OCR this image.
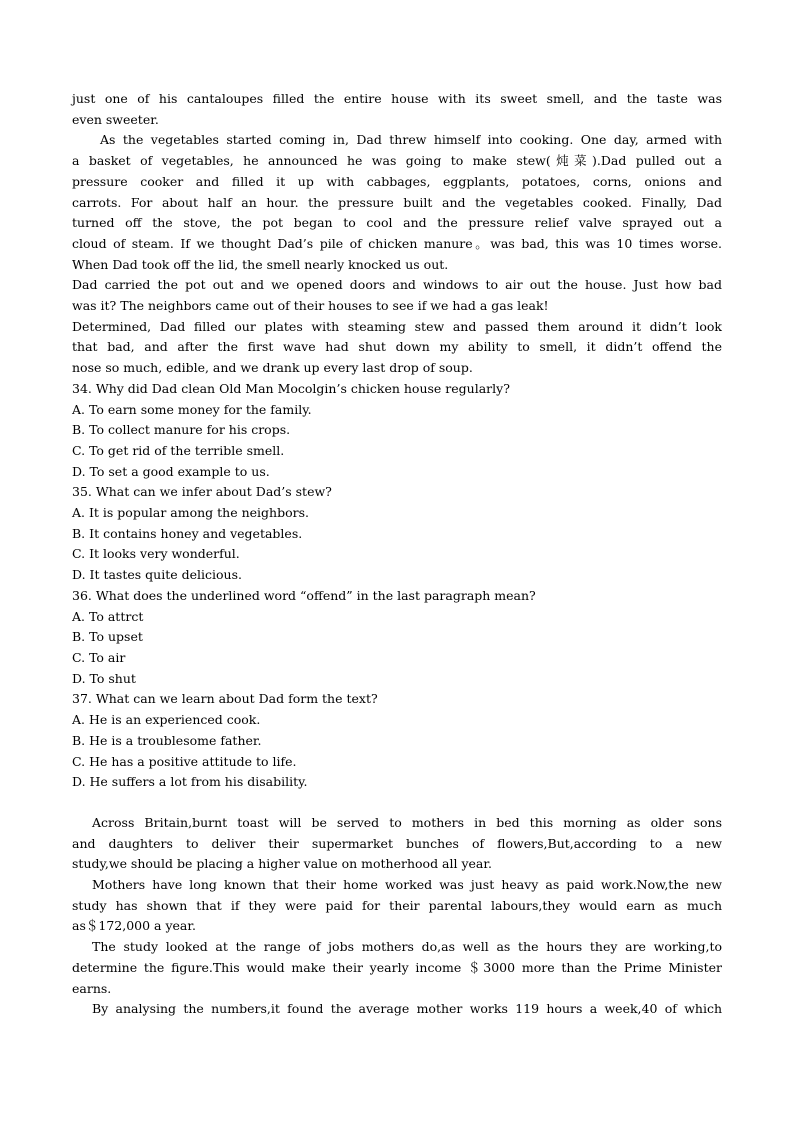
just one of his cantaloupes filled the entire house with its sweet smell, and the taste was

even sweeter.

As the vegetables started coming in, Dad threw himself into cooking. One day, armed with

a basket of vegetables, he announced he was going to make stew(炖菜).Dad pulled out a

pressure cooker and filled it up with cabbages, eggplants, potatoes, corns, onions and

carrots. For about half an hour. the pressure built and the vegetables cooked. Finally, Dad

turned off the stove, the pot began to cool and the pressure relief valve sprayed out a

cloud of steam. If we thought Dad’s pile of chicken manure。was bad, this was 10 times worse.

When Dad took off the lid, the smell nearly knocked us out.

Dad carried the pot out and we opened doors and windows to air out the house. Just how bad

was it? The neighbors came out of their houses to see if we had a gas leak!

Determined, Dad filled our plates with steaming stew and passed them around it didn’t look

that bad, and after the first wave had shut down my ability to smell, it didn’t offend the

nose so much, edible, and we drank up every last drop of soup.

34. Why did Dad clean Old Man Mocolgin’s chicken house regularly?

A. To earn some money for the family.

B. To collect manure for his crops.

C. To get rid of the terrible smell.

D. To set a good example to us.

35. What can we infer about Dad’s stew?

A. It is popular among the neighbors.

B. It contains honey and vegetables.

C. It looks very wonderful.

D. It tastes quite delicious.

36. What does the underlined word “offend” in the last paragraph mean?

A. To attrct

B. To upset

C. To air

D. To shut

37. What can we learn about Dad form the text?

A. He is an experienced cook.

B. He is a troublesome father.

C. He has a positive attitude to life.

D. He suffers a lot from his disability.

Across Britain,burnt toast will be served to mothers in bed this morning as older sons

and daughters to deliver their supermarket bunches of flowers,But,according to a new

study,we should be placing a higher value on motherhood all year.

Mothers have long known that their home worked was just heavy as paid work.Now,the new

study has shown that if they were paid for their parental labours,they would earn as much

as＄172,000 a year.

The study looked at the range of jobs mothers do,as well as the hours they are working,to

determine the figure.This would make their yearly income ＄3000 more than the Prime Minister

earns.

By analysing the numbers,it found the average mother works 119 hours a week,40 of which
